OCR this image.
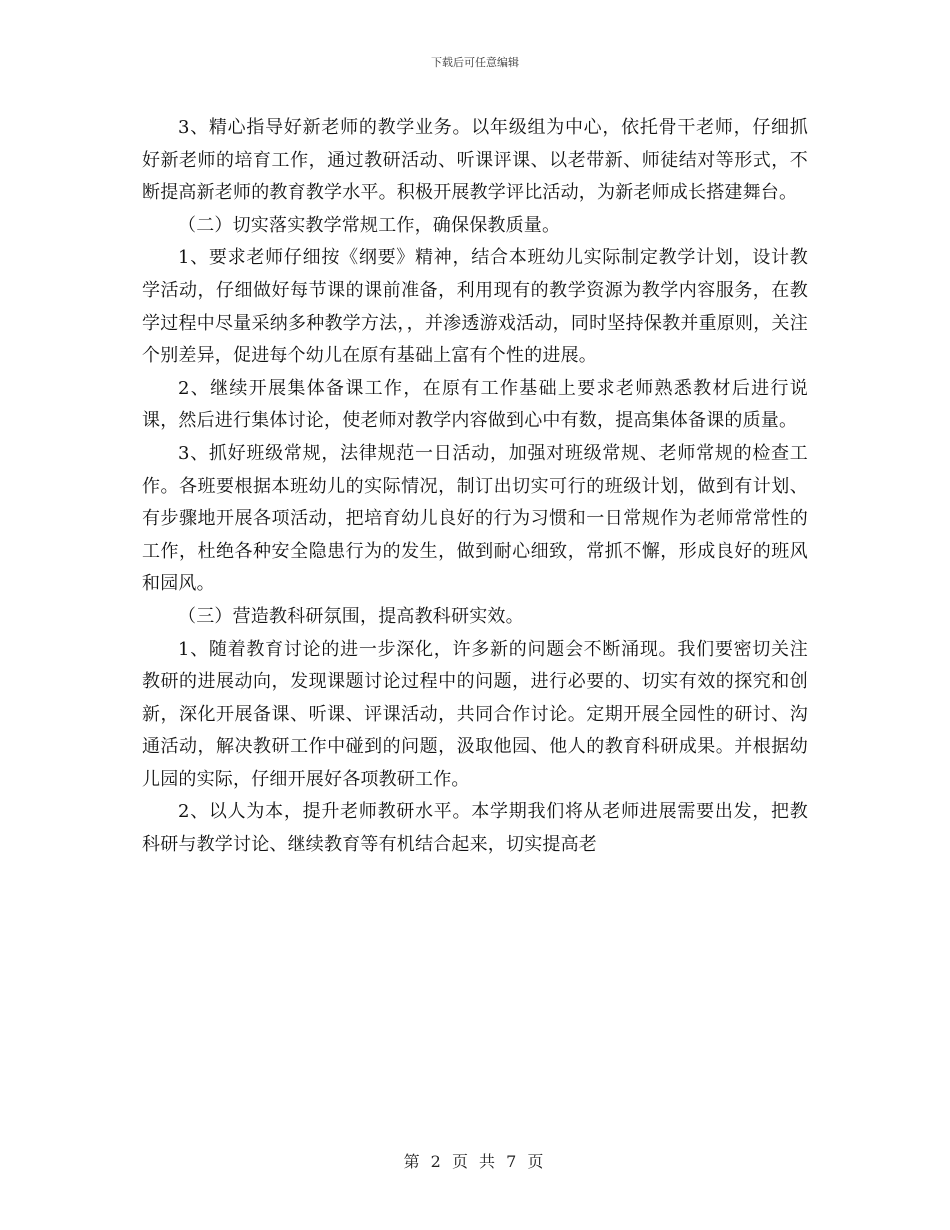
下载后可任意编辑

3、精心指导好新老师的教学业务。以年级组为中心，依托骨干老师，仔细抓好新老师的培育工作，通过教研活动、听课评课、以老带新、师徒结对等形式，不断提高新老师的教育教学水平。积极开展教学评比活动，为新老师成长搭建舞台。

（二）切实落实教学常规工作，确保保教质量。

1、要求老师仔细按《纲要》精神，结合本班幼儿实际制定教学计划，设计教学活动，仔细做好每节课的课前准备，利用现有的教学资源为教学内容服务，在教学过程中尽量采纳多种教学方法，，并渗透游戏活动，同时坚持保教并重原则，关注个别差异，促进每个幼儿在原有基础上富有个性的进展。

2、继续开展集体备课工作，在原有工作基础上要求老师熟悉教材后进行说课，然后进行集体讨论，使老师对教学内容做到心中有数，提高集体备课的质量。

3、抓好班级常规，法律规范一日活动，加强对班级常规、老师常规的检查工作。各班要根据本班幼儿的实际情况，制订出切实可行的班级计划，做到有计划、有步骤地开展各项活动，把培育幼儿良好的行为习惯和一日常规作为老师常常性的工作，杜绝各种安全隐患行为的发生，做到耐心细致，常抓不懈，形成良好的班风和园风。

（三）营造教科研氛围，提高教科研实效。

1、随着教育讨论的进一步深化，许多新的问题会不断涌现。我们要密切关注教研的进展动向，发现课题讨论过程中的问题，进行必要的、切实有效的探究和创新，深化开展备课、听课、评课活动，共同合作讨论。定期开展全园性的研讨、沟通活动，解决教研工作中碰到的问题，汲取他园、他人的教育科研成果。并根据幼儿园的实际，仔细开展好各项教研工作。

2、以人为本，提升老师教研水平。本学期我们将从老师进展需要出发，把教科研与教学讨论、继续教育等有机结合起来，切实提高老

第 2 页 共 7 页
